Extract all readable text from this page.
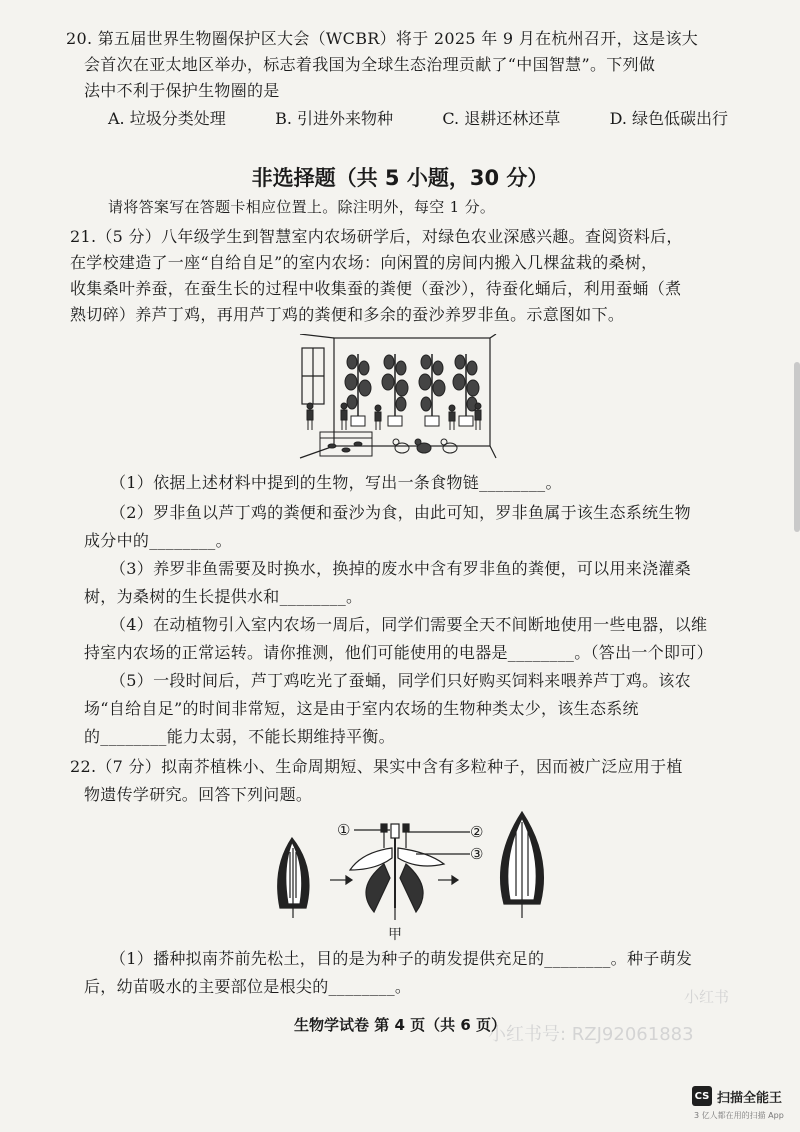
20. 第五届世界生物圈保护区大会（WCBR）将于 2025 年 9 月在杭州召开，这是该大
会首次在亚太地区举办，标志着我国为全球生态治理贡献了“中国智慧”。下列做
法中不利于保护生物圈的是
A. 垃圾分类处理	B. 引进外来物种	C. 退耕还林还草	D. 绿色低碳出行
非选择题（共 5 小题，30 分）
请将答案写在答题卡相应位置上。除注明外，每空 1 分。
21.（5 分）八年级学生到智慧室内农场研学后，对绿色农业深感兴趣。查阅资料后，
在学校建造了一座“自给自足”的室内农场：向闲置的房间内搬入几棵盆栽的桑树，
收集桑叶养蚕，在蚕生长的过程中收集蚕的粪便（蚕沙），待蚕化蛹后，利用蚕蛹（煮
熟切碎）养芦丁鸡，再用芦丁鸡的粪便和多余的蚕沙养罗非鱼。示意图如下。
（1）依据上述材料中提到的生物，写出一条食物链________。
（2）罗非鱼以芦丁鸡的粪便和蚕沙为食，由此可知，罗非鱼属于该生态系统生物
成分中的________。
（3）养罗非鱼需要及时换水，换掉的废水中含有罗非鱼的粪便，可以用来浇灌桑
树，为桑树的生长提供水和________。
（4）在动植物引入室内农场一周后，同学们需要全天不间断地使用一些电器，以维
持室内农场的正常运转。请你推测，他们可能使用的电器是________。（答出一个即可）
（5）一段时间后，芦丁鸡吃光了蚕蛹，同学们只好购买饲料来喂养芦丁鸡。该农
场“自给自足”的时间非常短，这是由于室内农场的生物种类太少，该生态系统
的________能力太弱，不能长期维持平衡。
22.（7 分）拟南芥植株小、生命周期短、果实中含有多粒种子，因而被广泛应用于植
物遗传学研究。回答下列问题。
①	②
③
甲
（1）播种拟南芥前先松土，目的是为种子的萌发提供充足的________。种子萌发
后，幼苗吸水的主要部位是根尖的________。
小红书
小红书号: RZJ92061883
生物学试卷 第 4 页（共 6 页）
CS 扫描全能王
3 亿人都在用的扫描 App
